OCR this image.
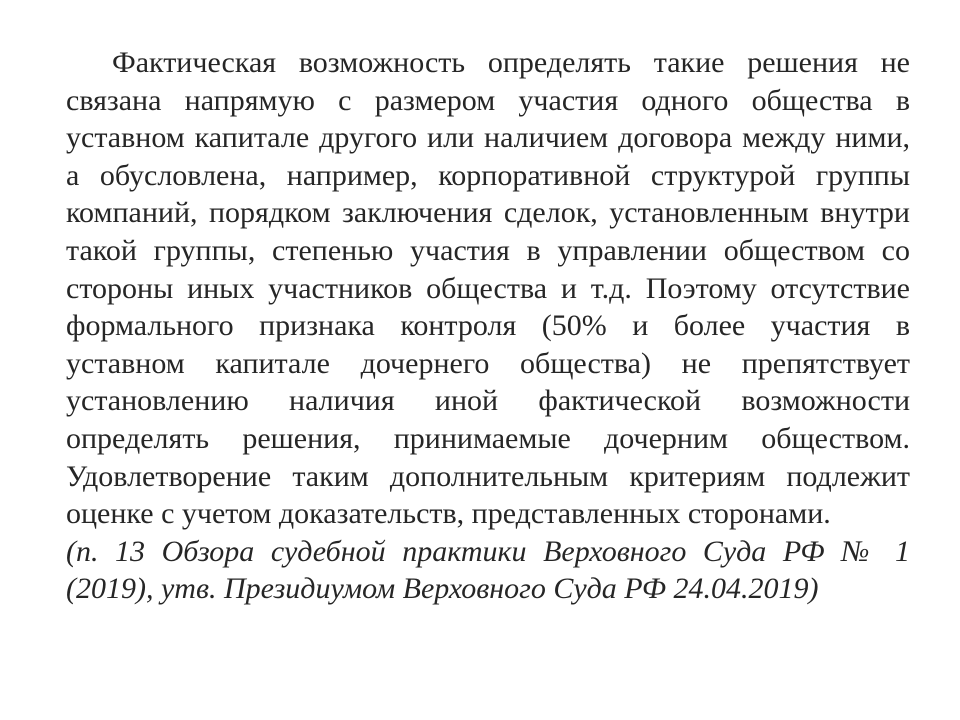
Фактическая возможность определять такие решения не связана напрямую с размером участия одного общества в уставном капитале другого или наличием договора между ними, а обусловлена, например, корпоративной структурой группы компаний, порядком заключения сделок, установленным внутри такой группы, степенью участия в управлении обществом со стороны иных участников общества и т.д. Поэтому отсутствие формального признака контроля (50% и более участия в уставном капитале дочернего общества) не препятствует установлению наличия иной фактической возможности определять решения, принимаемые дочерним обществом. Удовлетворение таким дополнительным критериям подлежит оценке с учетом доказательств, представленных сторонами.

(п. 13 Обзора судебной практики Верховного Суда РФ № 1 (2019), утв. Президиумом Верховного Суда РФ 24.04.2019)
